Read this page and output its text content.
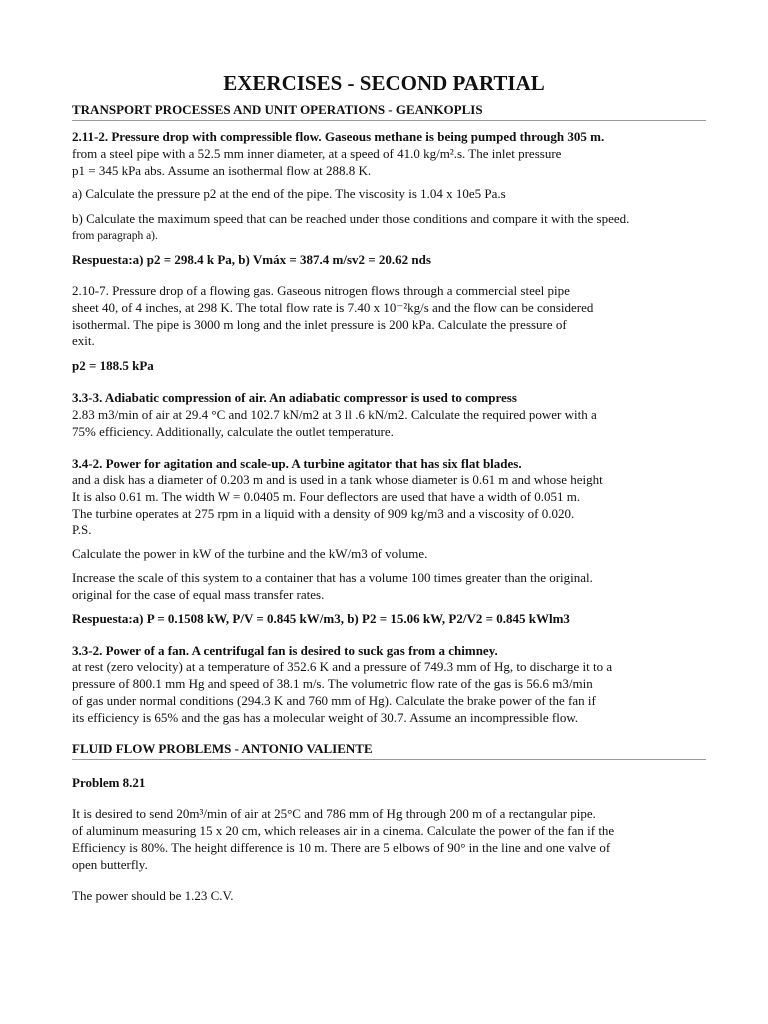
EXERCISES - SECOND PARTIAL
TRANSPORT PROCESSES AND UNIT OPERATIONS - GEANKOPLIS
2.11-2. Pressure drop with compressible flow. Gaseous methane is being pumped through 305 m.
from a steel pipe with a 52.5 mm inner diameter, at a speed of 41.0 kg/m².s. The inlet pressure
p1 = 345 kPa abs. Assume an isothermal flow at 288.8 K.
a) Calculate the pressure p2 at the end of the pipe. The viscosity is 1.04 x 10e5 Pa.s
b) Calculate the maximum speed that can be reached under those conditions and compare it with the speed.
from paragraph a).
Respuesta:a) p2 = 298.4 k Pa, b) Vmáx = 387.4 m/sv2 = 20.62 nds
2.10-7. Pressure drop of a flowing gas. Gaseous nitrogen flows through a commercial steel pipe
sheet 40, of 4 inches, at 298 K. The total flow rate is 7.40 x 10⁻²kg/s and the flow can be considered
isothermal. The pipe is 3000 m long and the inlet pressure is 200 kPa. Calculate the pressure of
exit.
p2 = 188.5 kPa
3.3-3. Adiabatic compression of air. An adiabatic compressor is used to compress
2.83 m3/min of air at 29.4 °C and 102.7 kN/m2 at 3 ll .6 kN/m2. Calculate the required power with a
75% efficiency. Additionally, calculate the outlet temperature.
3.4-2. Power for agitation and scale-up. A turbine agitator that has six flat blades.
and a disk has a diameter of 0.203 m and is used in a tank whose diameter is 0.61 m and whose height
It is also 0.61 m. The width W = 0.0405 m. Four deflectors are used that have a width of 0.051 m.
The turbine operates at 275 rpm in a liquid with a density of 909 kg/m3 and a viscosity of 0.020.
P.S.
Calculate the power in kW of the turbine and the kW/m3 of volume.
Increase the scale of this system to a container that has a volume 100 times greater than the original.
original for the case of equal mass transfer rates.
Respuesta:a) P = 0.1508 kW, P/V = 0.845 kW/m3, b) P2 = 15.06 kW, P2/V2 = 0.845 kWlm3
3.3-2. Power of a fan. A centrifugal fan is desired to suck gas from a chimney.
at rest (zero velocity) at a temperature of 352.6 K and a pressure of 749.3 mm of Hg, to discharge it to a
pressure of 800.1 mm Hg and speed of 38.1 m/s. The volumetric flow rate of the gas is 56.6 m3/min
of gas under normal conditions (294.3 K and 760 mm of Hg). Calculate the brake power of the fan if
its efficiency is 65% and the gas has a molecular weight of 30.7. Assume an incompressible flow.
FLUID FLOW PROBLEMS - ANTONIO VALIENTE
Problem 8.21
It is desired to send 20m³/min of air at 25°C and 786 mm of Hg through 200 m of a rectangular pipe.
of aluminum measuring 15 x 20 cm, which releases air in a cinema. Calculate the power of the fan if the
Efficiency is 80%. The height difference is 10 m. There are 5 elbows of 90° in the line and one valve of
open butterfly.
The power should be 1.23 C.V.
